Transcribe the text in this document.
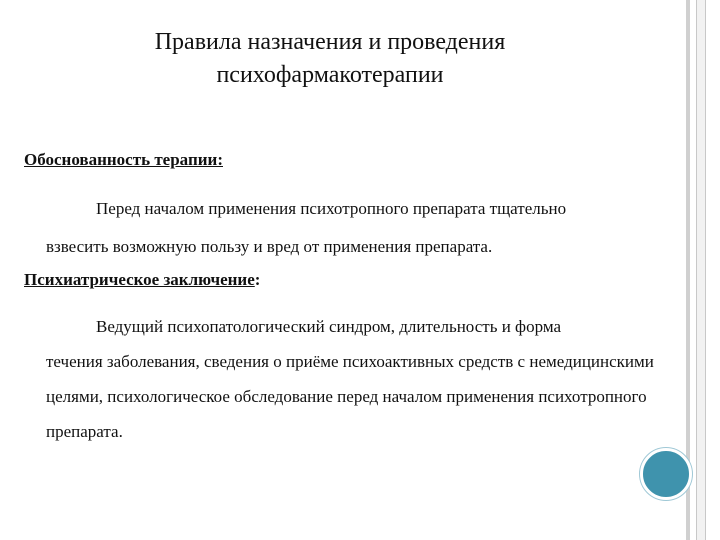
Правила назначения и проведения
психофармакотерапии
Обоснованность терапии:
Перед началом применения психотропного препарата тщательно
взвесить возможную пользу и вред от применения препарата.
Психиатрическое заключение:
Ведущий психопатологический синдром, длительность и форма
течения заболевания, сведения о приёме психоактивных средств с немедицинскими целями, психологическое обследование перед началом применения психотропного препарата.
